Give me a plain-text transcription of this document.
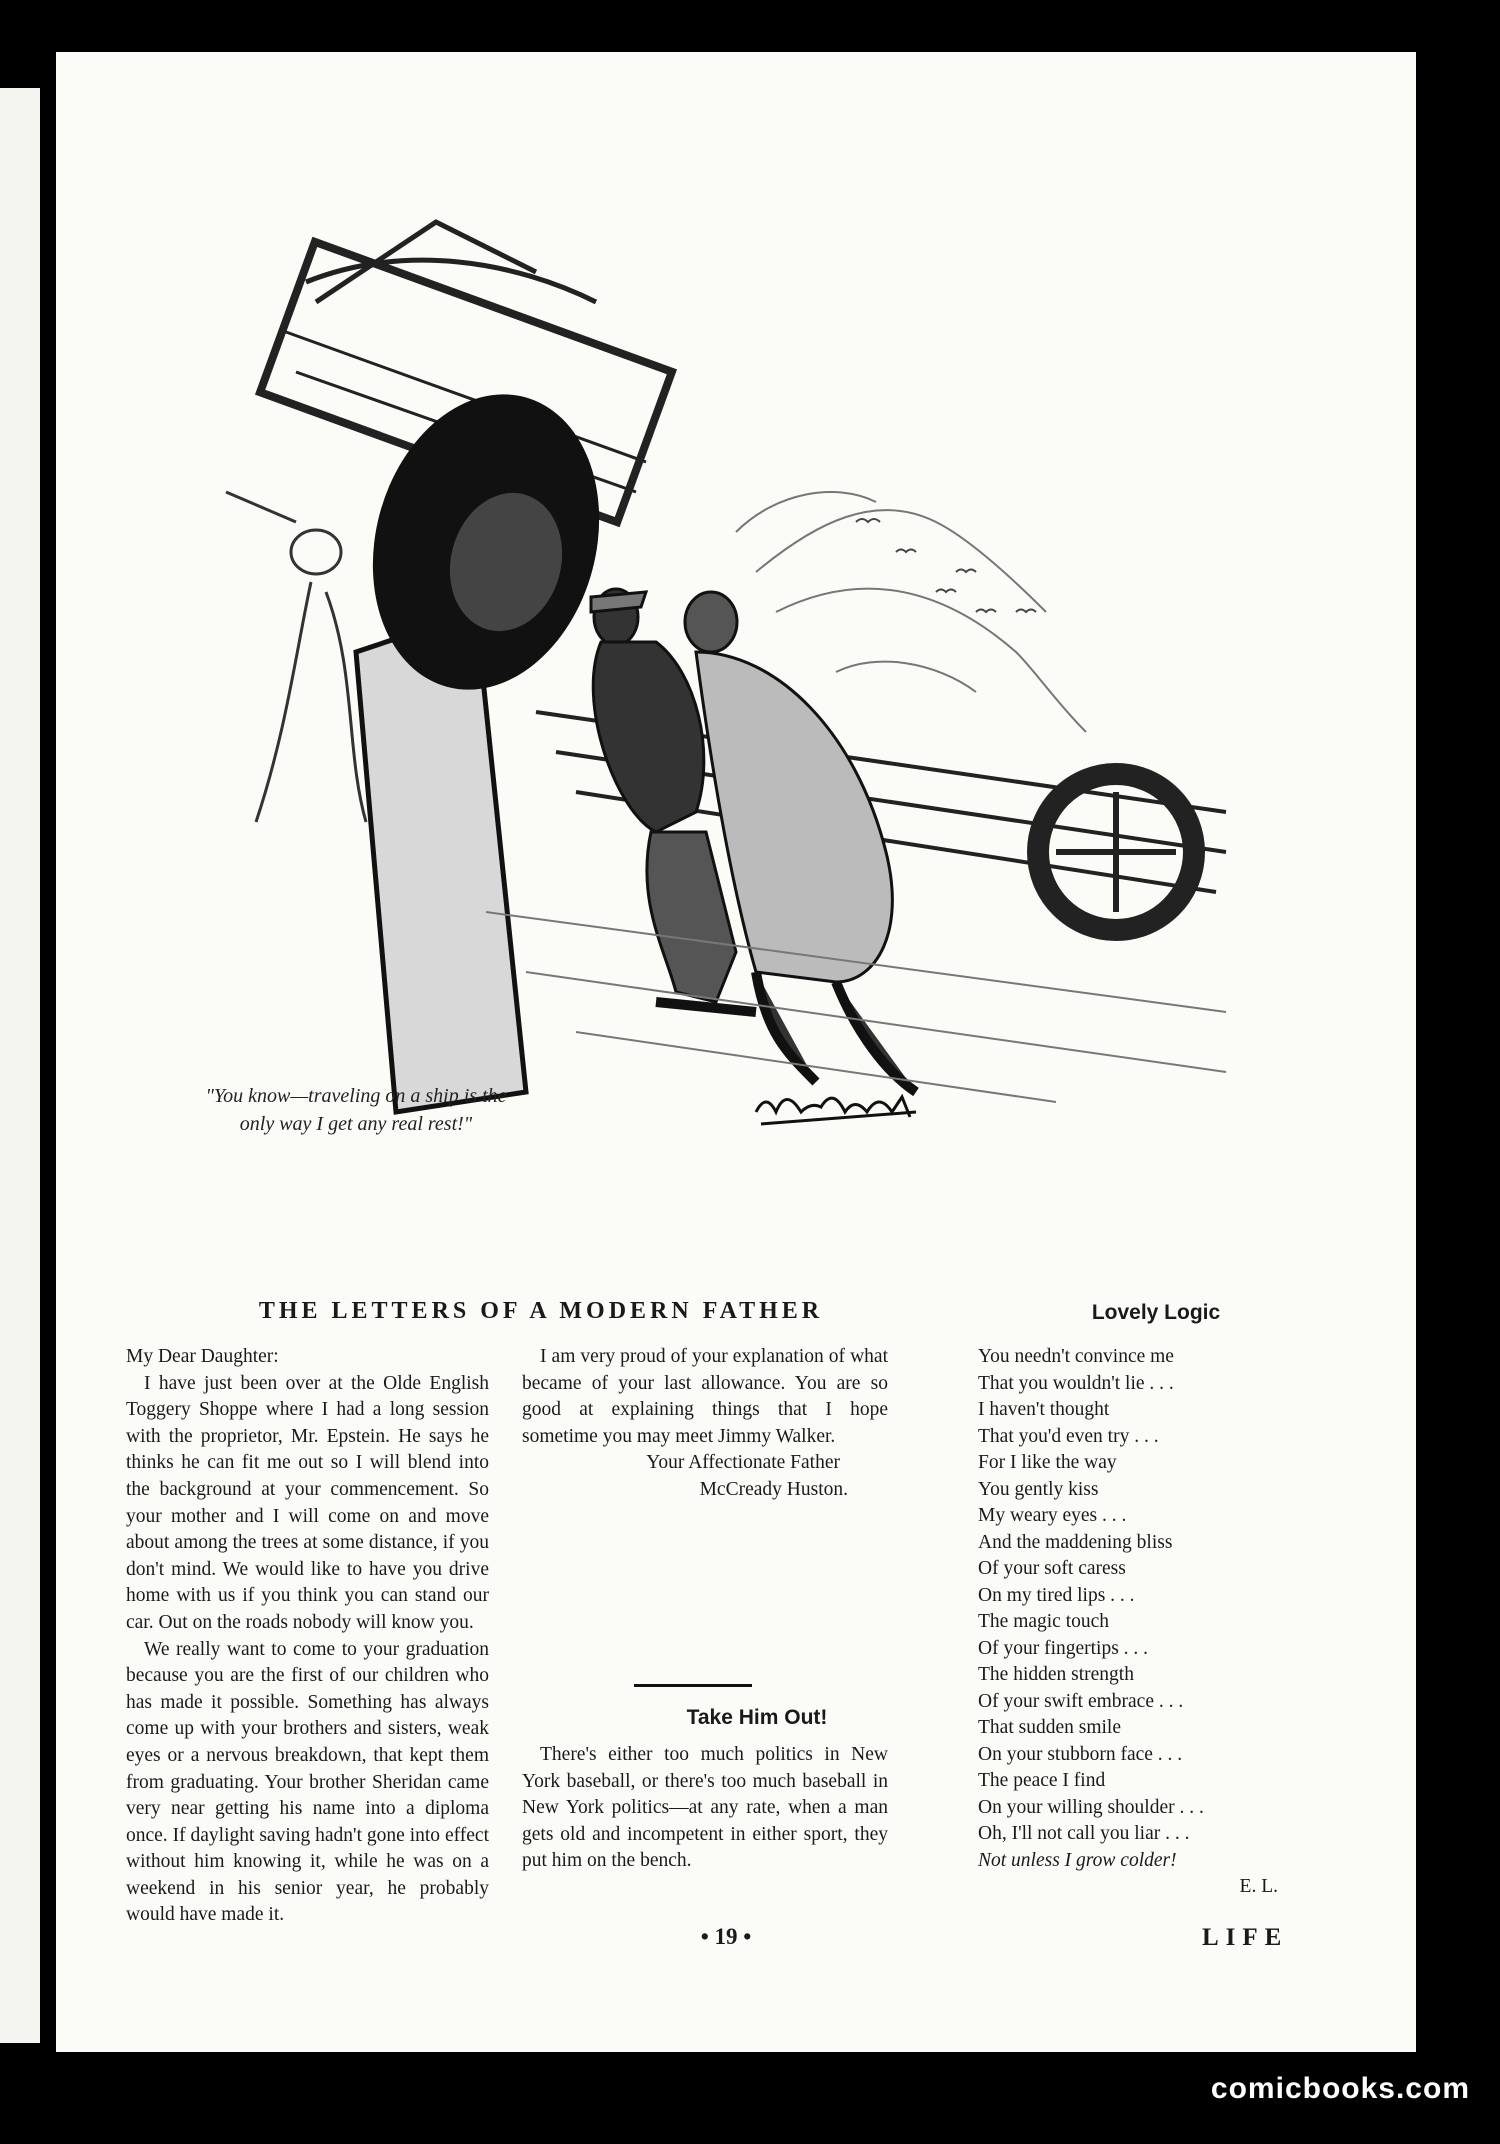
"You know—traveling on a ship is the
only way I get any real rest!"
THE LETTERS OF A MODERN FATHER

My Dear Daughter:

I have just been over at the Olde English Toggery Shoppe where I had a long session with the proprietor, Mr. Epstein. He says he thinks he can fit me out so I will blend into the background at your commencement. So your mother and I will come on and move about among the trees at some distance, if you don't mind. We would like to have you drive home with us if you think you can stand our car. Out on the roads nobody will know you.

We really want to come to your graduation because you are the first of our children who has made it possible. Something has always come up with your brothers and sisters, weak eyes or a nervous breakdown, that kept them from graduating. Your brother Sheridan came very near getting his name into a diploma once. If daylight saving hadn't gone into effect without him knowing it, while he was on a weekend in his senior year, he probably would have made it.

I am very proud of your explanation of what became of your last allowance. You are so good at explaining things that I hope sometime you may meet Jimmy Walker.

Your Affectionate Father

McCready Huston.

Take Him Out!

There's either too much politics in New York baseball, or there's too much baseball in New York politics—at any rate, when a man gets old and incompetent in either sport, they put him on the bench.

Lovely Logic
You needn't convince me
That you wouldn't lie . . .
I haven't thought
That you'd even try . . .
For I like the way
You gently kiss
My weary eyes . . .
And the maddening bliss
Of your soft caress
On my tired lips . . .
The magic touch
Of your fingertips . . .
The hidden strength
Of your swift embrace . . .
That sudden smile
On your stubborn face . . .
The peace I find
On your willing shoulder . . .
Oh, I'll not call you liar . . .
Not unless I grow colder!
E. L.
• 19 •	LIFE
comicbooks.com
